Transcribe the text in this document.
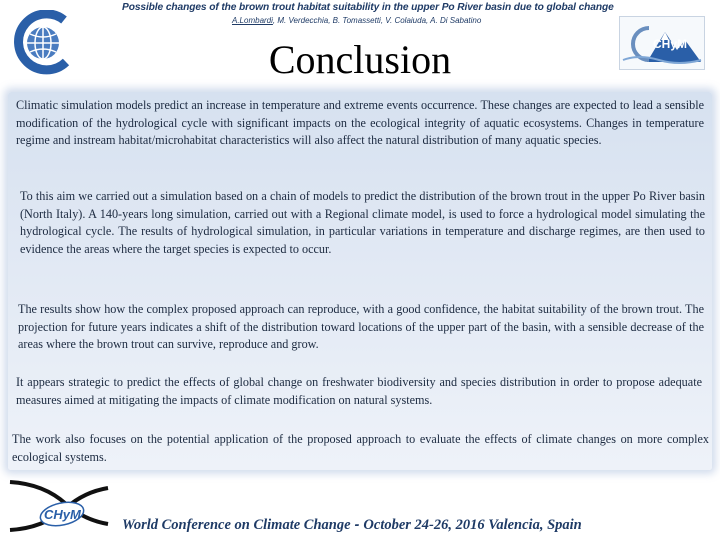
Possible changes of the brown trout habitat suitability in the upper Po River basin due to global change
A.Lombardi, M. Verdecchia, B. Tomassetti, V. Colaiuda, A. Di Sabatino
CHyM
Conclusion

Climatic simulation models predict an increase in temperature and extreme events occurrence. These changes are expected to lead a sensible modification of the hydrological cycle with significant impacts on the ecological integrity of aquatic ecosystems. Changes in temperature regime and instream habitat/microhabitat characteristics will also affect the natural distribution of many aquatic species.

To this aim we carried out a simulation based on a chain of models to predict the distribution of the brown trout in the upper Po River basin (North Italy). A 140-years long simulation, carried out with a Regional climate model, is used to force a hydrological model simulating the hydrological cycle. The results of hydrological simulation, in particular variations in temperature and discharge regimes, are then used to evidence the areas where the target species is expected to occur.

The results show how the complex proposed approach can reproduce, with a good confidence, the habitat suitability of the brown trout. The projection for future years indicates a shift of the distribution toward locations of the upper part of the basin, with a sensible decrease of the areas where the brown trout can survive, reproduce and grow.

It appears strategic to predict the effects of global change on freshwater biodiversity and species distribution in order to propose adequate measures aimed at mitigating the impacts of climate modification on natural systems.

The work also focuses on the potential application of the proposed approach to evaluate the effects of climate changes on more complex ecological systems.

CHyM
World Conference on Climate Change - October 24-26, 2016 Valencia, Spain
